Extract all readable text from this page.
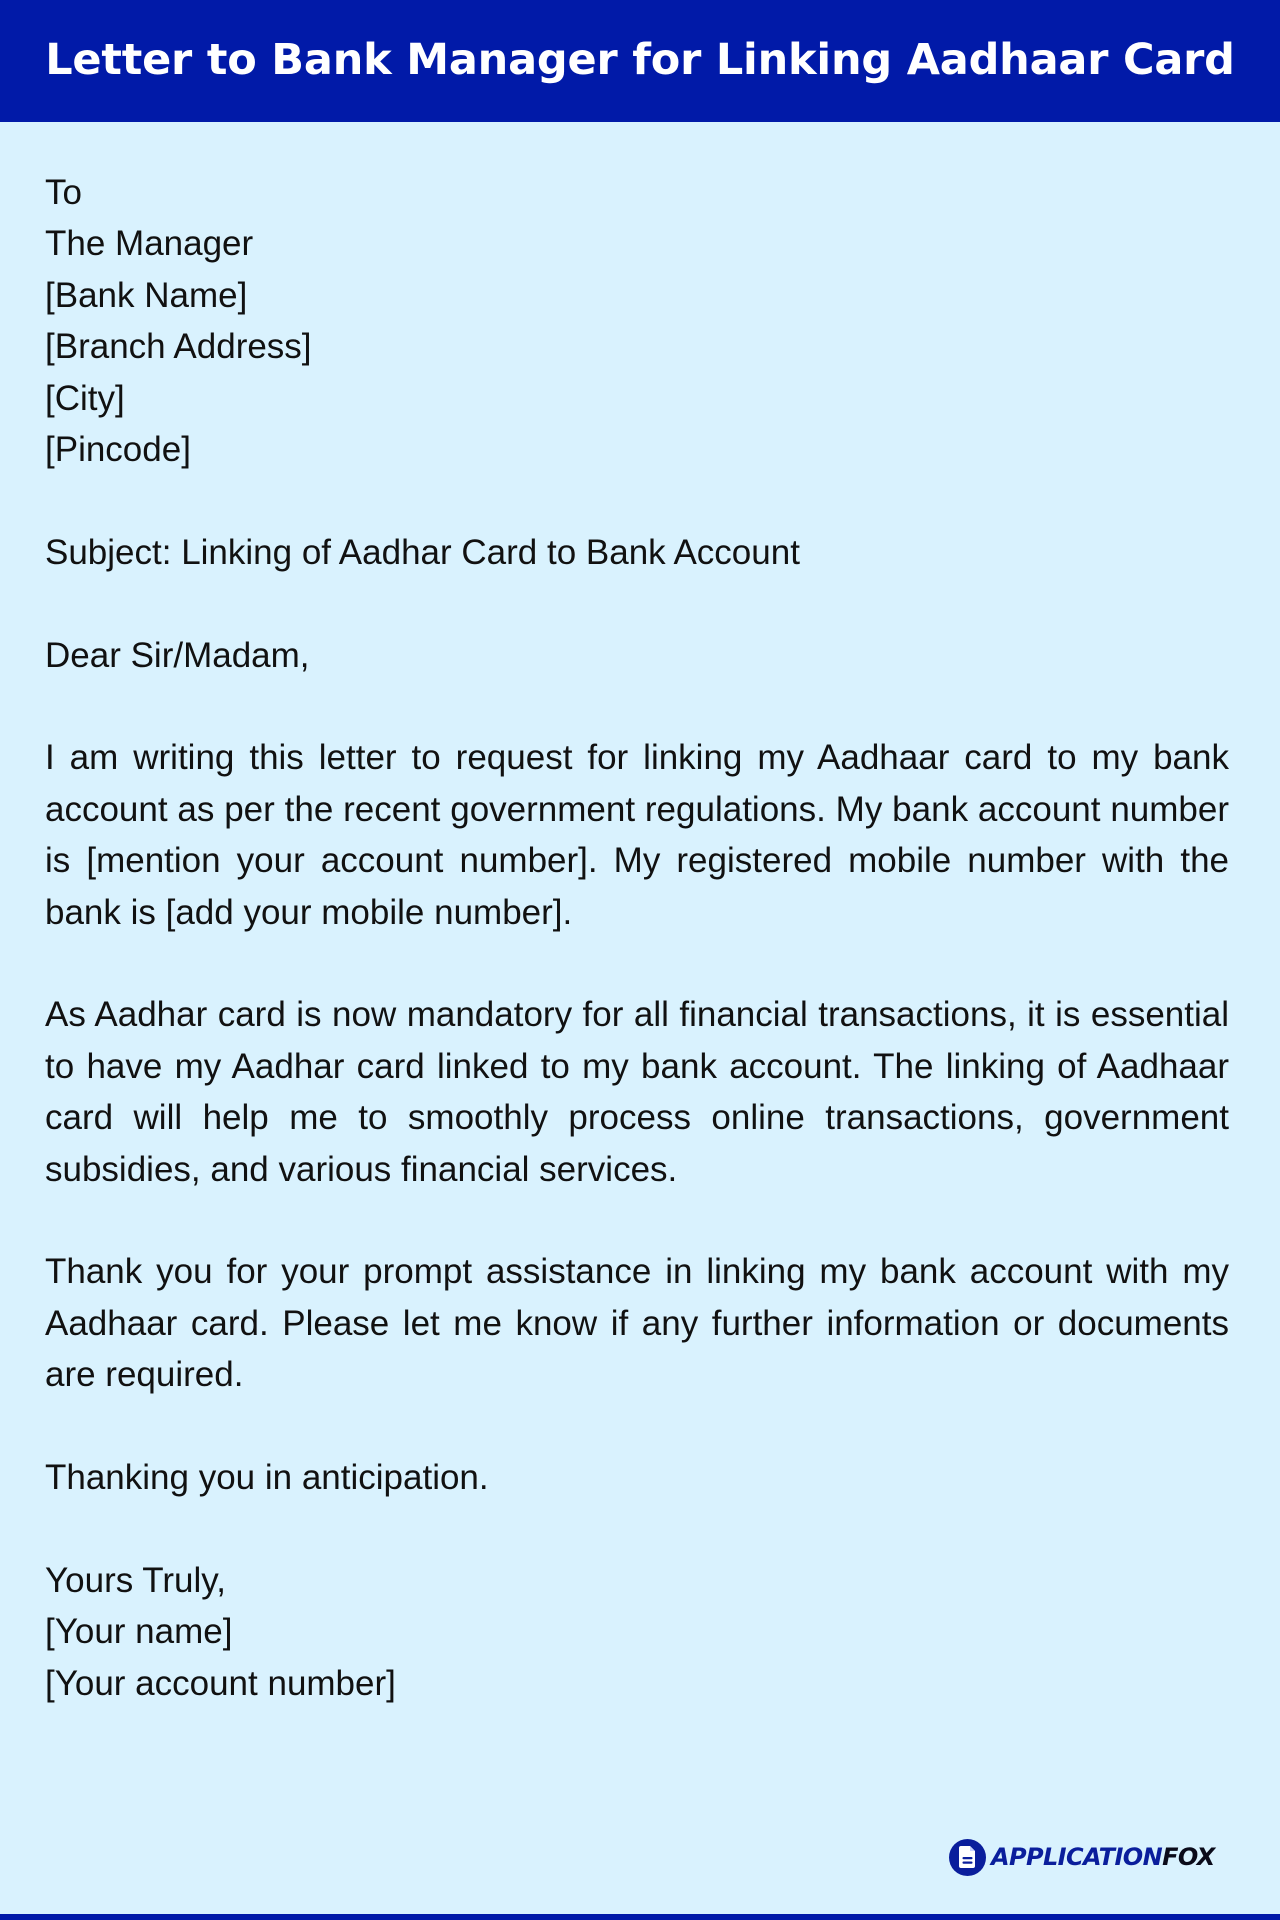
Letter to Bank Manager for Linking Aadhaar Card
To
The Manager
[Bank Name]
[Branch Address]
[City]
[Pincode]
Subject: Linking of Aadhar Card to Bank Account
Dear Sir/Madam,

I am writing this letter to request for linking my Aadhaar card to my bank account as per the recent government regulations. My bank account number is [mention your account number]. My registered mobile number with the bank is [add your mobile number].

As Aadhar card is now mandatory for all financial transactions, it is essential to have my Aadhar card linked to my bank account. The linking of Aadhaar card will help me to smoothly process online transactions, government subsidies, and various financial services.

Thank you for your prompt assistance in linking my bank account with my Aadhaar card. Please let me know if any further information or documents are required.

Thanking you in anticipation.
Yours Truly,
[Your name]
[Your account number]
APPLICATIONFOX
